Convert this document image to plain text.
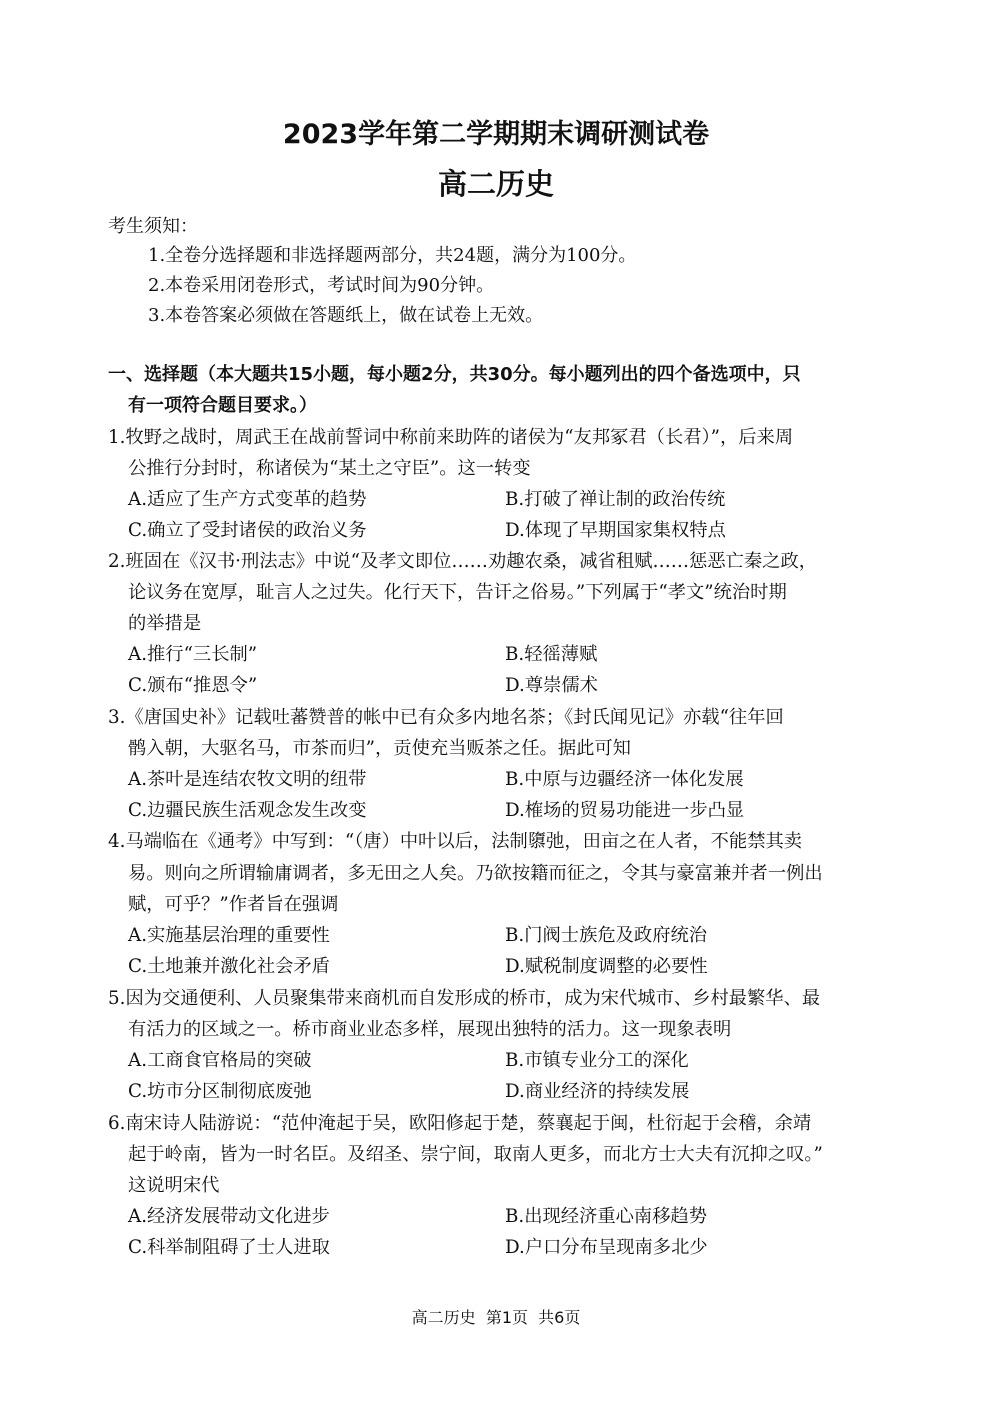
2023学年第二学期期末调研测试卷
高二历史
考生须知：
1.全卷分选择题和非选择题两部分，共24题，满分为100分。
2.本卷采用闭卷形式，考试时间为90分钟。
3.本卷答案必须做在答题纸上，做在试卷上无效。
一、选择题（本大题共15小题，每小题2分，共30分。每小题列出的四个备选项中，只
有一项符合题目要求。）
1.牧野之战时，周武王在战前誓词中称前来助阵的诸侯为“友邦冢君（长君）”，后来周
公推行分封时，称诸侯为“某土之守臣”。这一转变
A.适应了生产方式变革的趋势	B.打破了禅让制的政治传统
C.确立了受封诸侯的政治义务	D.体现了早期国家集权特点
2.班固在《汉书·刑法志》中说“及孝文即位……劝趣农桑，减省租赋……惩恶亡秦之政，
论议务在宽厚，耻言人之过失。化行天下，告讦之俗易。”下列属于“孝文”统治时期
的举措是
A.推行“三长制”	B.轻徭薄赋
C.颁布“推恩令”	D.尊崇儒术
3.《唐国史补》记载吐蕃赞普的帐中已有众多内地名茶；《封氏闻见记》亦载“往年回
鹘入朝，大驱名马，市茶而归”，贡使充当贩茶之任。据此可知
A.茶叶是连结农牧文明的纽带	B.中原与边疆经济一体化发展
C.边疆民族生活观念发生改变	D.榷场的贸易功能进一步凸显
4.马端临在《通考》中写到：“（唐）中叶以后，法制隳弛，田亩之在人者，不能禁其卖
易。则向之所谓输庸调者，多无田之人矣。乃欲按籍而征之，令其与豪富兼并者一例出
赋，可乎？”作者旨在强调
A.实施基层治理的重要性	B.门阀士族危及政府统治
C.土地兼并激化社会矛盾	D.赋税制度调整的必要性
5.因为交通便利、人员聚集带来商机而自发形成的桥市，成为宋代城市、乡村最繁华、最
有活力的区域之一。桥市商业业态多样，展现出独特的活力。这一现象表明
A.工商食官格局的突破	B.市镇专业分工的深化
C.坊市分区制彻底废弛	D.商业经济的持续发展
6.南宋诗人陆游说：“范仲淹起于吴，欧阳修起于楚，蔡襄起于闽，杜衍起于会稽，余靖
起于岭南，皆为一时名臣。及绍圣、崇宁间，取南人更多，而北方士大夫有沉抑之叹。”
这说明宋代
A.经济发展带动文化进步	B.出现经济重心南移趋势
C.科举制阻碍了士人进取	D.户口分布呈现南多北少
高二历史  第1页  共6页
